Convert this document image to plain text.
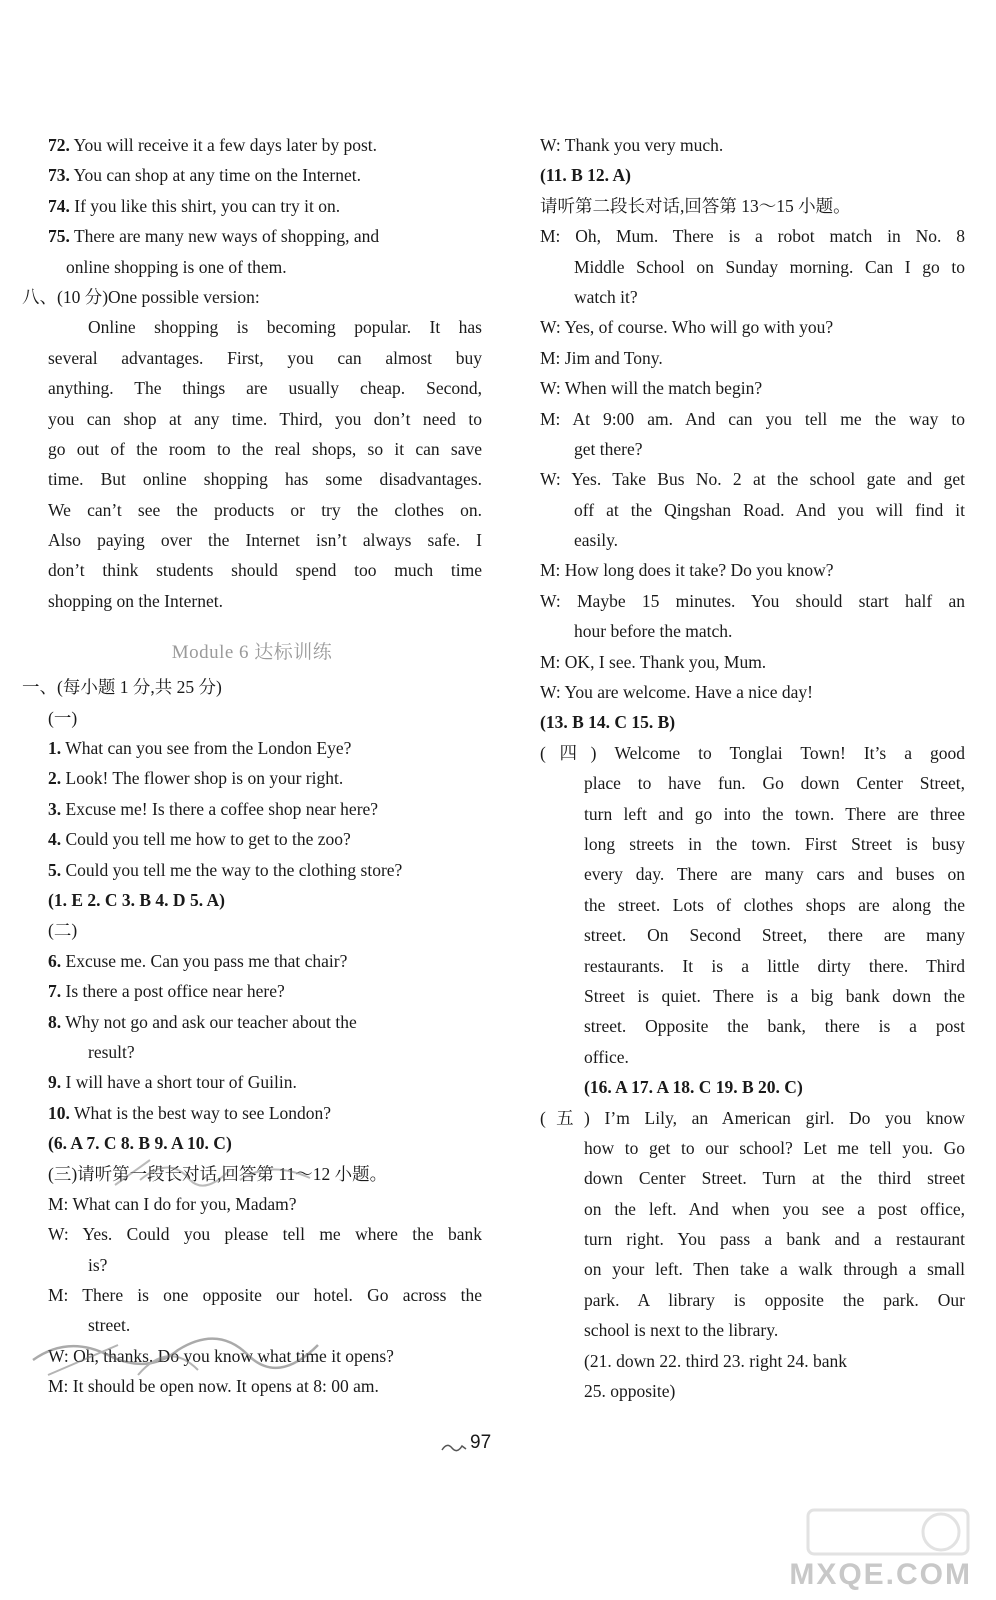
72. You will receive it a few days later by post.
73. You can shop at any time on the Internet.
74. If you like this shirt, you can try it on.
75. There are many new ways of shopping, and
online shopping is one of them.
八、(10 分)One possible version:
Online shopping is becoming popular. It has
several advantages. First, you can almost buy
anything. The things are usually cheap. Second,
you can shop at any time. Third, you don’t need to
go out of the room to the real shops, so it can save
time. But online shopping has some disadvantages.
We can’t see the products or try the clothes on.
Also paying over the Internet isn’t always safe. I
don’t think students should spend too much time
shopping on the Internet.
Module 6 达标训练
一、(每小题 1 分,共 25 分)
(一)
1. What can you see from the London Eye?
2. Look! The flower shop is on your right.
3. Excuse me! Is there a coffee shop near here?
4. Could you tell me how to get to the zoo?
5. Could you tell me the way to the clothing store?
(1. E 2. C 3. B 4. D 5. A)
(二)
6. Excuse me. Can you pass me that chair?
7. Is there a post office near here?
8. Why not go and ask our teacher about the
result?
9. I will have a short tour of Guilin.
10. What is the best way to see London?
(6. A 7. C 8. B 9. A 10. C)
(三)请听第一段长对话,回答第 11～12 小题。
M: What can I do for you, Madam?
W: Yes. Could you please tell me where the bank
is?
M: There is one opposite our hotel. Go across the
street.
W: Oh, thanks. Do you know what time it opens?
M: It should be open now. It opens at 8: 00 am.
W: Thank you very much.
(11. B 12. A)
请听第二段长对话,回答第 13～15 小题。
M: Oh, Mum. There is a robot match in No. 8
Middle School on Sunday morning. Can I go to
watch it?
W: Yes, of course. Who will go with you?
M: Jim and Tony.
W: When will the match begin?
M: At 9:00 am. And can you tell me the way to
get there?
W: Yes. Take Bus No. 2 at the school gate and get
off at the Qingshan Road. And you will find it
easily.
M: How long does it take? Do you know?
W: Maybe 15 minutes. You should start half an
hour before the match.
M: OK, I see. Thank you, Mum.
W: You are welcome. Have a nice day!
(13. B 14. C 15. B)
(四) Welcome to Tonglai Town! It’s a good
place to have fun. Go down Center Street,
turn left and go into the town. There are three
long streets in the town. First Street is busy
every day. There are many cars and buses on
the street. Lots of clothes shops are along the
street. On Second Street, there are many
restaurants. It is a little dirty there. Third
Street is quiet. There is a big bank down the
street. Opposite the bank, there is a post
office.
(16. A 17. A 18. C 19. B 20. C)
(五) I’m Lily, an American girl. Do you know
how to get to our school? Let me tell you. Go
down Center Street. Turn at the third street
on the left. And when you see a post office,
turn right. You pass a bank and a restaurant
on your left. Then take a walk through a small
park. A library is opposite the park. Our
school is next to the library.
(21. down 22. third 23. right 24. bank
25. opposite)
97
MXQE.COM
